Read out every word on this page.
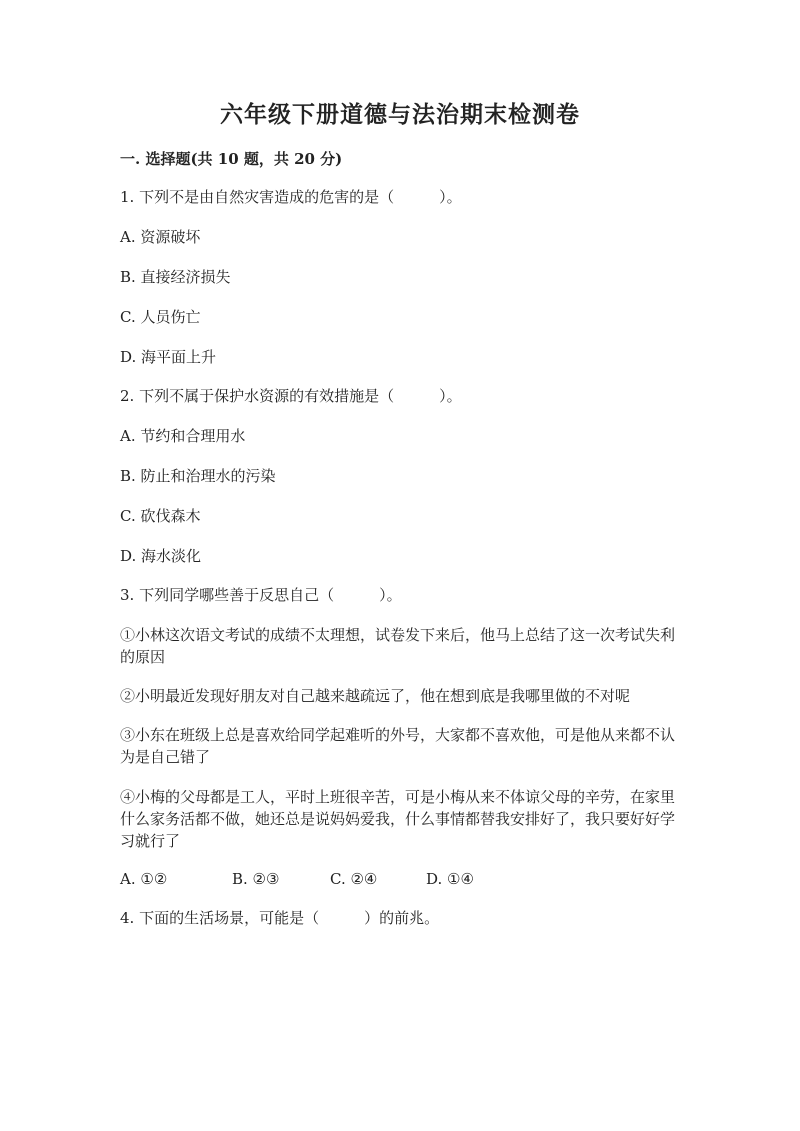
六年级下册道德与法治期末检测卷
一. 选择题(共 10 题，共 20 分)
1. 下列不是由自然灾害造成的危害的是（　　　）。
A. 资源破坏
B. 直接经济损失
C. 人员伤亡
D. 海平面上升
2. 下列不属于保护水资源的有效措施是（　　　）。
A. 节约和合理用水
B. 防止和治理水的污染
C. 砍伐森木
D. 海水淡化
3. 下列同学哪些善于反思自己（　　　）。
①小林这次语文考试的成绩不太理想，试卷发下来后，他马上总结了这一次考试失利的原因
②小明最近发现好朋友对自己越来越疏远了，他在想到底是我哪里做的不对呢
③小东在班级上总是喜欢给同学起难听的外号，大家都不喜欢他，可是他从来都不认为是自己错了
④小梅的父母都是工人，平时上班很辛苦，可是小梅从来不体谅父母的辛劳，在家里什么家务活都不做，她还总是说妈妈爱我，什么事情都替我安排好了，我只要好好学习就行了
A. ①②	B. ②③	C. ②④	D. ①④
4. 下面的生活场景，可能是（　　　）的前兆。
